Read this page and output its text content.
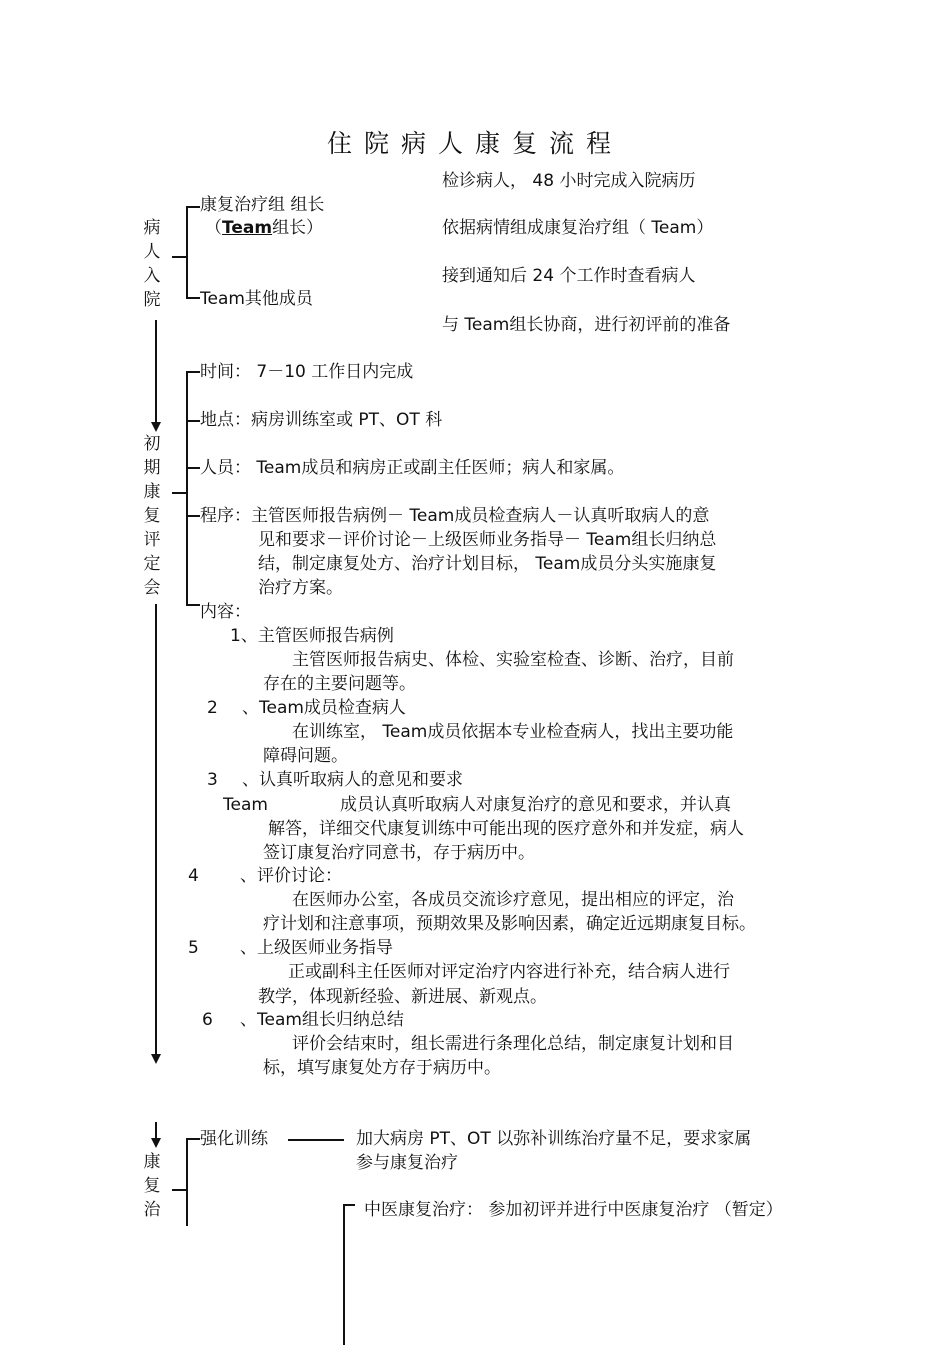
住院病人康复流程
病人入院
康复治疗组 组长
（Team组长）
Team其他成员
检诊病人， 48 小时完成入院病历
依据病情组成康复治疗组（ Team）
接到通知后 24 个工作时查看病人
与 Team组长协商，进行初评前的准备
初期康复评定会
时间： 7－10 工作日内完成
地点：病房训练室或 PT、OT 科
人员： Team成员和病房正或副主任医师；病人和家属。
程序：主管医师报告病例－ Team成员检查病人－认真听取病人的意
见和要求－评价讨论－上级医师业务指导－ Team组长归纳总
结，制定康复处方、治疗计划目标， Team成员分头实施康复
治疗方案。
内容：
1、主管医师报告病例
主管医师报告病史、体检、实验室检查、诊断、治疗，目前
存在的主要问题等。
2 、Team成员检查病人
在训练室， Team成员依据本专业检查病人，找出主要功能
障碍问题。
3 、认真听取病人的意见和要求
Team	成员认真听取病人对康复治疗的意见和要求，并认真
解答，详细交代康复训练中可能出现的医疗意外和并发症，病人
签订康复治疗同意书，存于病历中。
4 、评价讨论：
在医师办公室，各成员交流诊疗意见，提出相应的评定，治
疗计划和注意事项，预期效果及影响因素，确定近远期康复目标。
5 、上级医师业务指导
正或副科主任医师对评定治疗内容进行补充，结合病人进行
教学，体现新经验、新进展、新观点。
6 、Team组长归纳总结
评价会结束时，组长需进行条理化总结，制定康复计划和目
标，填写康复处方存于病历中。
康复治
强化训练	加大病房 PT、OT 以弥补训练治疗量不足，要求家属
参与康复治疗
中医康复治疗： 参加初评并进行中医康复治疗 （暂定）
